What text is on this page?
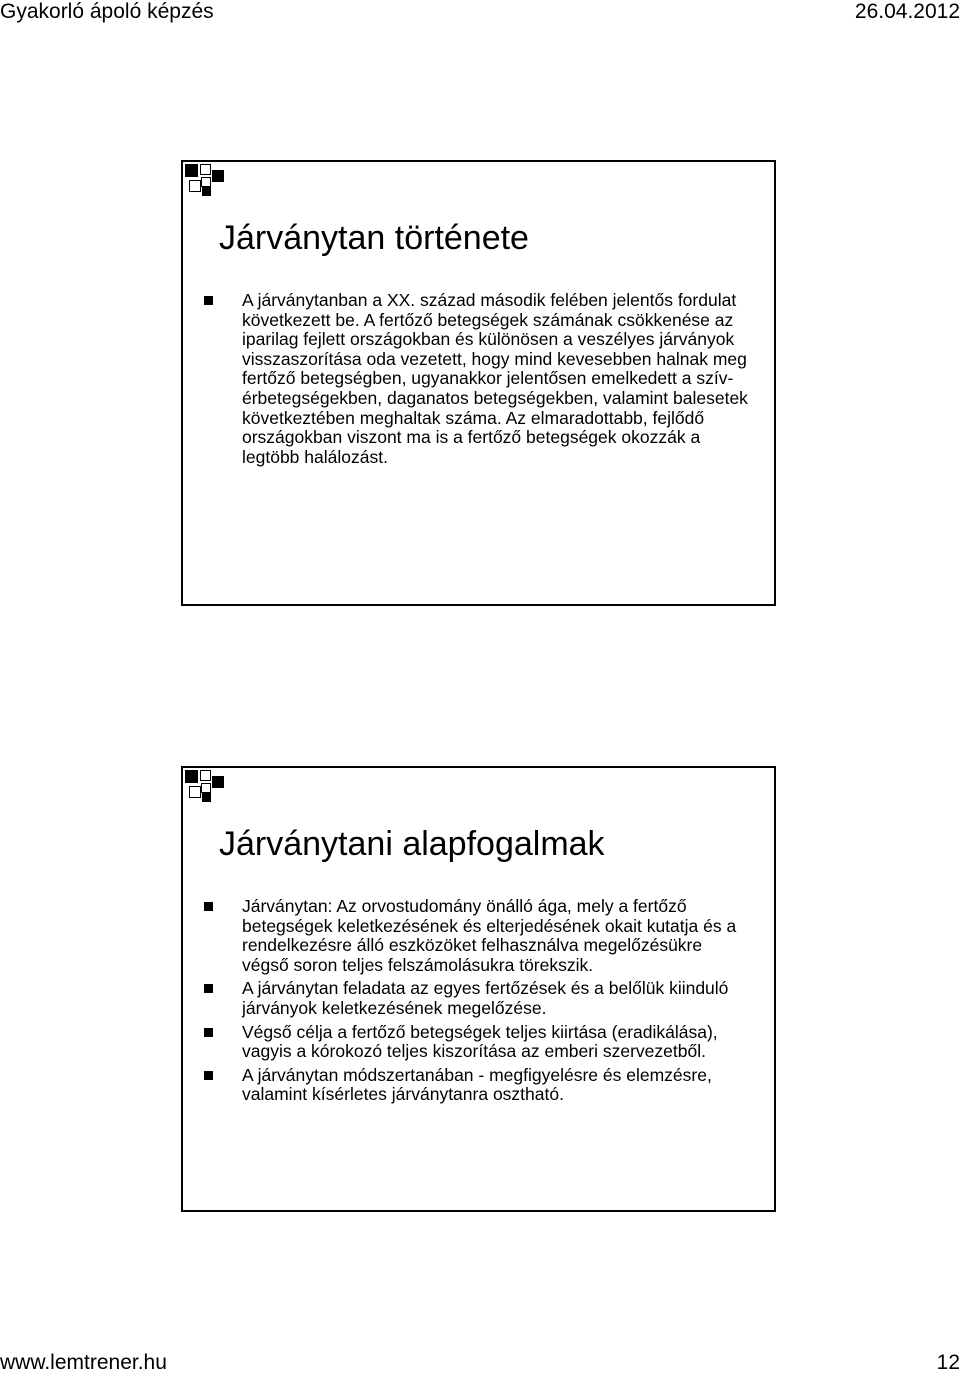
Gyakorló ápoló képzés	26.04.2012
Járványtan története
A járványtanban a XX. század második felében jelentős fordulat következett be. A fertőző betegségek számának csökkenése az iparilag fejlett országokban és különösen a veszélyes járványok visszaszorítása oda vezetett, hogy mind kevesebben halnak meg fertőző betegségben, ugyanakkor jelentősen emelkedett a szív-érbetegségekben, daganatos betegségekben, valamint balesetek következtében meghaltak száma. Az elmaradottabb, fejlődő országokban viszont ma is a fertőző betegségek okozzák a legtöbb halálozást.
Járványtani alapfogalmak
Járványtan: Az orvostudomány önálló ága, mely a fertőző betegségek keletkezésének és elterjedésének okait kutatja és a rendelkezésre álló eszközöket felhasználva megelőzésükre végső soron teljes felszámolásukra törekszik.
A járványtan feladata az egyes fertőzések és a belőlük kiinduló járványok keletkezésének megelőzése.
Végső célja a fertőző betegségek teljes kiirtása (eradikálása), vagyis a kórokozó teljes kiszorítása az emberi szervezetből.
A járványtan módszertanában - megfigyelésre és elemzésre, valamint kísérletes járványtanra osztható.
www.lemtrener.hu	12
